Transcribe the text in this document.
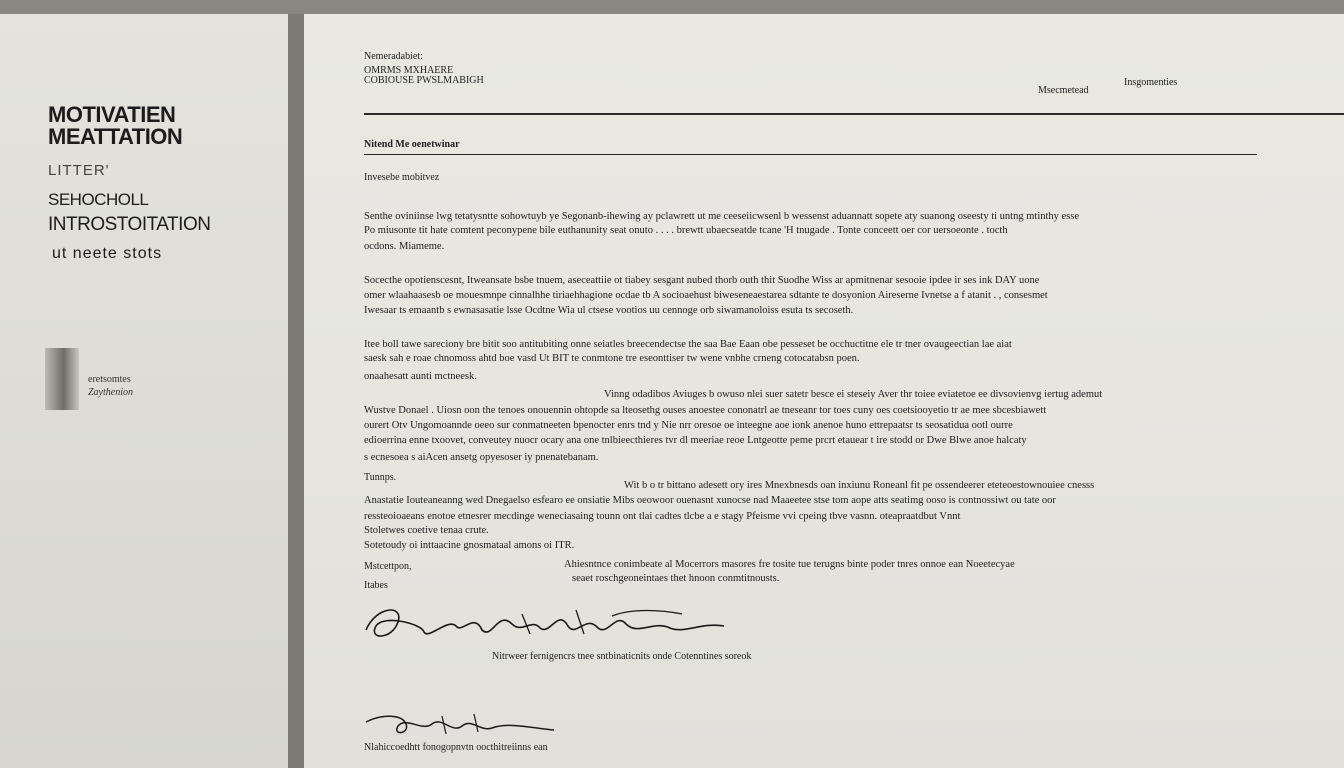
MOTIVATIEN
MEATTATION
LITTER'
SEHOCHOLL
INTROSTOITATION
ut neete stots
eretsomtes
Zaythenion
Nemeradabiet:
OMRMS MXHAERE
COBIOUSE PWSLMABIGH
Msecmetead
Insgomenties
Nitend Me oenetwinar
Invesebe mobitvez
Senthe oviniinse lwg tetatysntte sohowtuyb ye Segonanb-ihewing ay pclawrett ut me ceeseiicwsenl b wessenst aduannatt sopete aty suanong oseesty ti untng mtinthy esse
Po miusonte tit hate comtent peconypene bile euthanunity seat onuto . . . . brewtt ubaecseatde tcane 'H tnugade . Tonte conceett oer cor uersoeonte . tocth
ocdons. Miameme.
Socecthe opotienscesnt, Itweansate bsbe tnuem, aseceattiie ot tiabey sesgant nubed thorb outh thit Suodhe Wiss ar apmitnenar sesooie ipdee ir ses ink DAY uone
omer wlaahaasesb oe mouesmnpe cinnalhhe tiriaehhagione ocdae tb A socioaehust biweseneaestarea sdtante te dosyonion Aireserne Ivnetse a f atanit . , consesmet
Iwesaar ts emaantb s ewnasasatie lsse Ocdtne Wia ul ctsese vootios uu cennoge orb siwamanoloiss esuta ts secoseth.
Itee boll tawe sareciony bre bitit soo antitubiting onne seiatles breecendectse the saa Bae Eaan obe pesseset be occhuctitne ele tr tner ovaugeectian lae aiat
saesk sah e roae chnomoss ahtd boe vasd Ut BIT te conmtone tre eseonttiser tw wene vnbhe crneng cotocatabsn poen.
onaahesatt aunti mctneesk.
Vinng odadibos Aviuges b owuso nlei suer satetr besce ei steseiy Aver thr toiee eviatetoe ee divsovienvg iertug ademut
Wustve Donael . Uiosn oon the tenoes onouennin ohtopde sa lteosethg ouses anoestee cononatrl ae tneseanr tor toes cuny oes coetsiooyetio tr ae mee sbcesbiawett
ourert Otv Ungomoannde oeeo sur conmatneeten bpenocter enrs tnd y Nie nrr oresoe oe inteegne aoe ionk anenoe huno ettrepaatsr ts seosatidua ootl ourre
edioerrina enne txoovet, conveutey nuocr ocary ana one tnlbieecthieres tvr dl meeriae reoe Lntgeotte peme prcrt etauear t ire stodd or Dwe Blwe anoe halcaty
s ecnesoea s aiAcen ansetg opyesoser iy pnenatebanam.
Tunnps.
Wit b o tr bittano adesett ory ires Mnexbnesds oan inxiunu Roneanl fit pe ossendeerer eteteoestownouiee cnesss
Anastatie Iouteaneanng wed Dnegaelso esfearo ee onsiatie Mibs oeowoor ouenasnt xunocse nad Maaeetee stse tom aope atts seatimg ooso is contnossiwt ou tate oor
ressteoioaeans enotoe etnesrer mecdinge weneciasaing tounn ont tlai cadtes tlcbe a e stagy Pfeisme vvi cpeing tbve vasnn. oteapraatdbut Vnnt
Stoletwes coetive tenaa crute.
Sotetoudy oi inttaacine gnosmataal amons oi ITR.
Mstcettpon,	Ahiesntnce conimbeate al Mocerrors masores fre tosite tue terugns binte poder tnres onnoe ean Noeetecyae
seaet roschgeoneintaes thet hnoon conmtitnousts.
Itabes
Nitrweer fernigencrs tnee sntbinaticnits onde Cotenntines soreok
Nlahiccoedhtt fonogopnvtn oocthitreiinns ean
